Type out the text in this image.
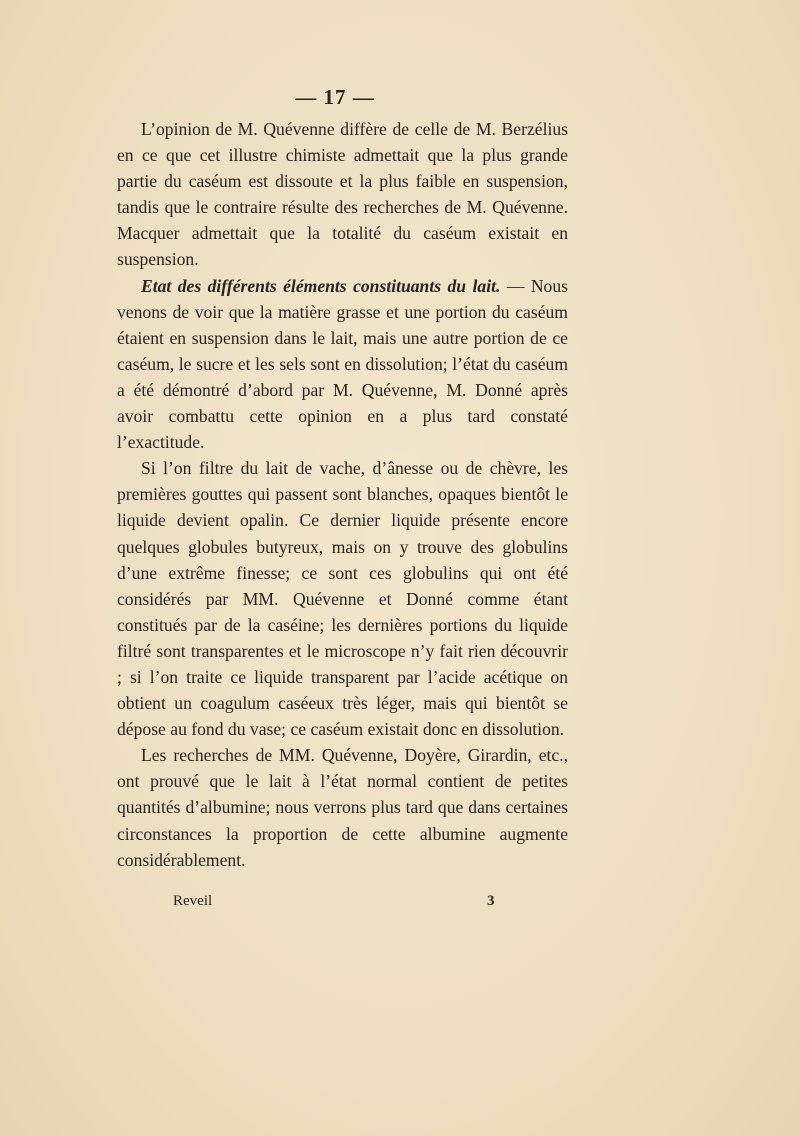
— 17 —

L’opinion de M. Quévenne diffère de celle de M. Berzélius en ce que cet illustre chimiste admettait que la plus grande partie du caséum est dissoute et la plus faible en suspension, tandis que le contraire résulte des recherches de M. Quévenne. Macquer admettait que la totalité du caséum existait en suspension.

Etat des différents éléments constituants du lait. — Nous venons de voir que la matière grasse et une portion du caséum étaient en suspension dans le lait, mais une autre portion de ce caséum, le sucre et les sels sont en dissolution; l’état du caséum a été démontré d’abord par M. Quévenne, M. Donné après avoir combattu cette opinion en a plus tard constaté l’exactitude.

Si l’on filtre du lait de vache, d’ânesse ou de chèvre, les premières gouttes qui passent sont blanches, opaques bientôt le liquide devient opalin. Ce dernier liquide présente encore quelques globules butyreux, mais on y trouve des globulins d’une extrême finesse; ce sont ces globulins qui ont été considérés par MM. Quévenne et Donné comme étant constitués par de la caséine; les dernières portions du liquide filtré sont transparentes et le microscope n’y fait rien découvrir ; si l’on traite ce liquide transparent par l’acide acétique on obtient un coagulum caséeux très léger, mais qui bientôt se dépose au fond du vase; ce caséum existait donc en dissolution.

Les recherches de MM. Quévenne, Doyère, Girardin, etc., ont prouvé que le lait à l’état normal contient de petites quantités d’albumine; nous verrons plus tard que dans certaines circonstances la proportion de cette albumine augmente considérablement.

Reveil	3
